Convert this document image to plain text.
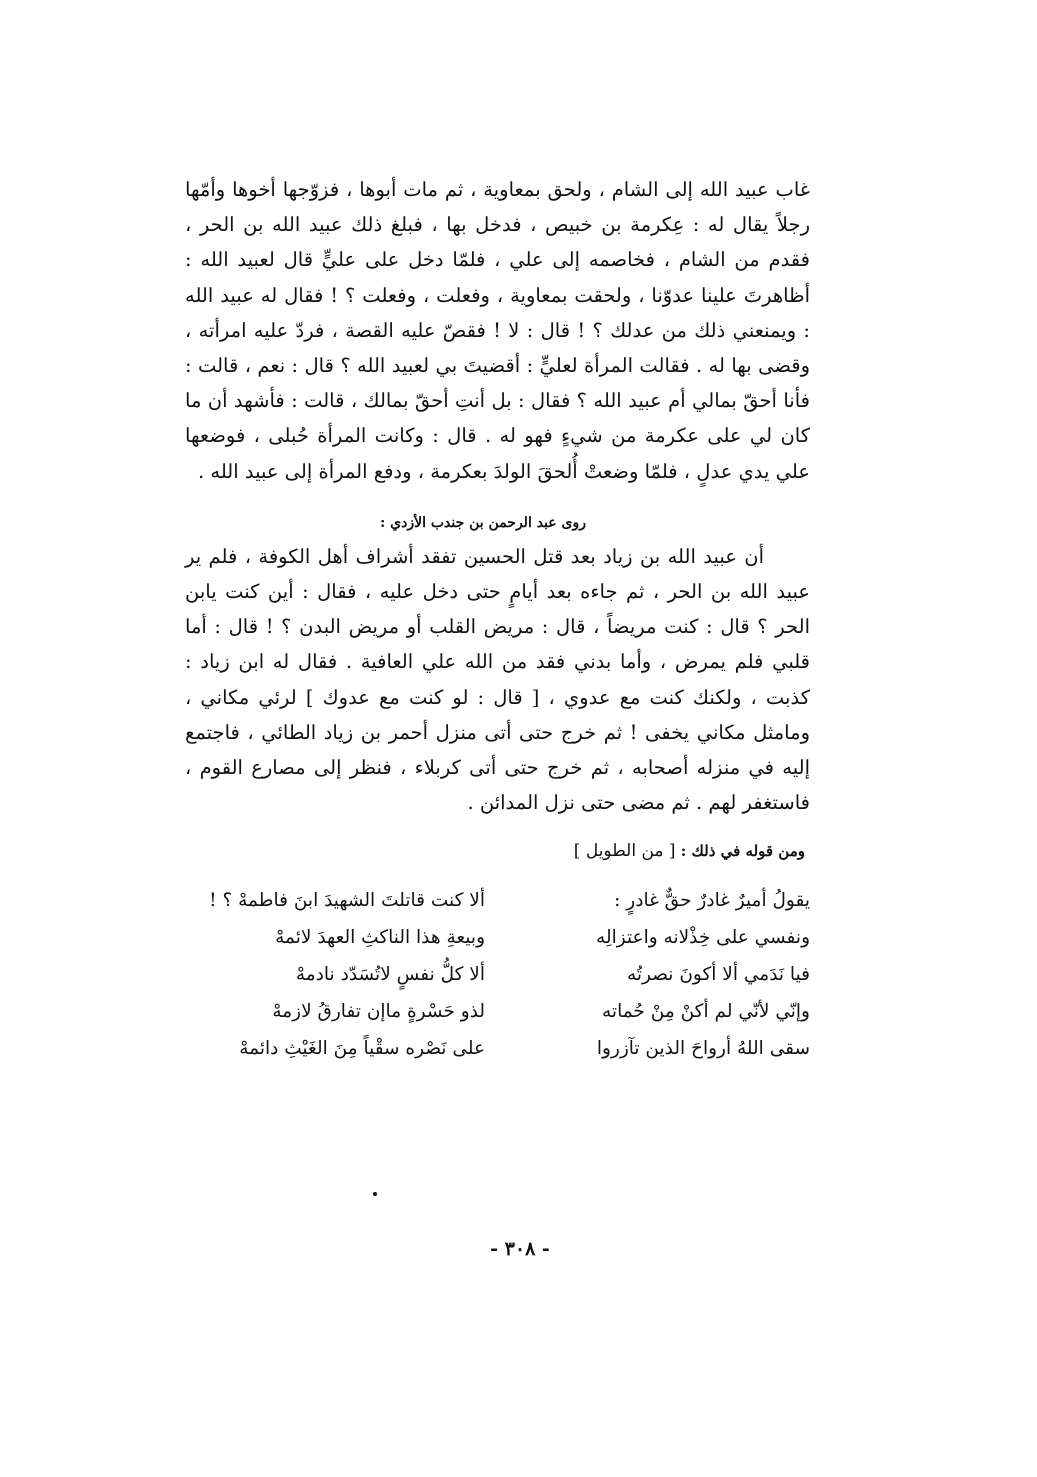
غاب عبيد الله إلى الشام ، ولحق بمعاوية ، ثم مات أبوها ، فزوّجها أخوها وأمّها رجلاً يقال له : عِكرمة بن خبيص ، فدخل بها ، فبلغ ذلك عبيد الله بن الحر ، فقدم من الشام ، فخاصمه إلى علي ، فلمّا دخل على عليٍّ قال لعبيد الله : أظاهرتَ علينا عدوّنا ، ولحقت بمعاوية ، وفعلت ، وفعلت ؟ ! فقال له عبيد الله : ويمنعني ذلك من عدلك ؟ ! قال : لا ! فقصّ عليه القصة ، فردّ عليه امرأته ، وقضى بها له . فقالت المرأة لعليٍّ : أقضيتَ بي لعبيد الله ؟ قال : نعم ، قالت : فأنا أحقّ بمالي أم عبيد الله ؟ فقال : بل أنتِ أحقّ بمالك ، قالت : فأشهد أن ما كان لي على عكرمة من شيءٍ فهو له . قال : وكانت المرأة حُبلى ، فوضعها علي يدي عدلٍ ، فلمّا وضعتْ أُلحقَ الولدَ بعكرمة ، ودفع المرأة إلى عبيد الله .

روى عبد الرحمن بن جندب الأزدي :

أن عبيد الله بن زياد بعد قتل الحسين تفقد أشراف أهل الكوفة ، فلم ير عبيد الله بن الحر ، ثم جاءه بعد أيامٍ حتى دخل عليه ، فقال : أين كنت يابن الحر ؟ قال : كنت مريضاً ، قال : مريض القلب أو مريض البدن ؟ ! قال : أما قلبي فلم يمرض ، وأما بدني فقد من الله علي العافية . فقال له ابن زياد : كذبت ، ولكنك كنت مع عدوي ، [ قال : لو كنت مع عدوك ] لرئي مكاني ، ومامثل مكاني يخفى ! ثم خرج حتى أتى منزل أحمر بن زياد الطائي ، فاجتمع إليه في منزله أصحابه ، ثم خرج حتى أتى كربلاء ، فنظر إلى مصارع القوم ، فاستغفر لهم . ثم مضى حتى نزل المدائن .

ومن قوله في ذلك : [ من الطويل ]
يقولُ أميرٌ غادرٌ حقٌّ غادرٍ :
ألا كنت قاتلتَ الشهيدَ ابنَ فاطمهْ ؟ !
ونفسي على خِذْلانه واعتزالِه
وبيعةِ هذا الناكثِ العهدَ لائمهْ
فيا نَدَمي ألا أكونَ نصرتُه
ألا كلُّ نفسٍ لاتُسَدّد نادمهْ
وإنّي لأنّي لم أكنْ مِنْ حُماته
لذو حَسْرةٍ ماإن تفارقُ لازمهْ
سقى اللهُ أرواحَ الذين تآزروا
على نَصْره سقْياً مِنَ الغَيْثِ دائمهْ
- ٣٠٨ -
